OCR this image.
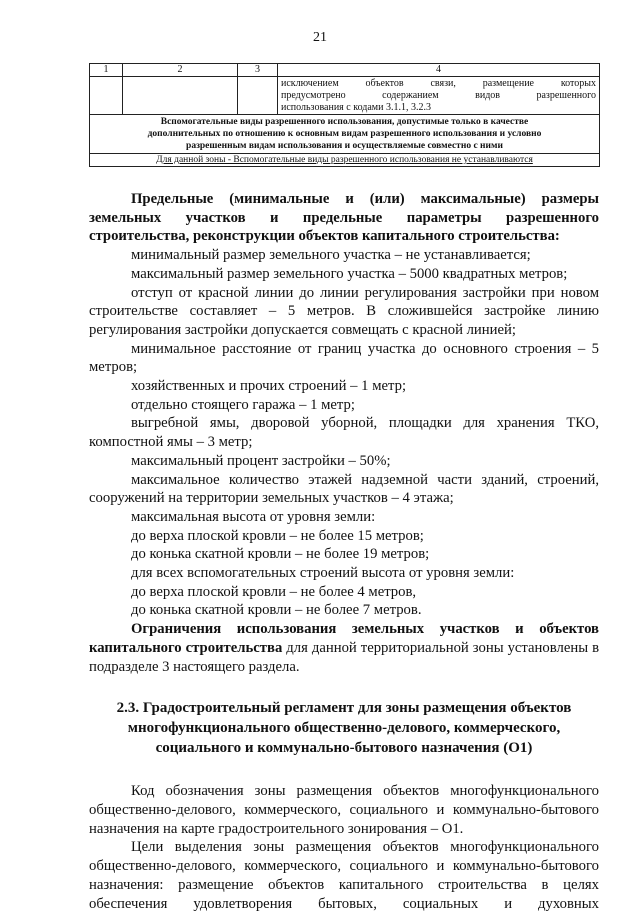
21
1	2	3	4

			исключением объектов связи, размещение которых
предусмотрено содержанием видов разрешенного
использования с кодами 3.1.1, 3.2.3

Вспомогательные виды разрешенного использования, допустимые только в качестве
дополнительных по отношению к основным видам разрешенного использования и условно
разрешенным видам использования и осуществляемые совместно с ними			

Для данной зоны - Вспомогательные виды разрешенного использования не устанавливаются			

Предельные (минимальные и (или) максимальные) размеры земельных участков и предельные параметры разрешенного строительства, реконструкции объектов капитального строительства:

минимальный размер земельного участка – не устанавливается;

максимальный размер земельного участка – 5000 квадратных метров;

отступ от красной линии до линии регулирования застройки при новом строительстве составляет – 5 метров. В сложившейся застройке линию регулирования застройки допускается совмещать с красной линией;

минимальное расстояние от границ участка до основного строения – 5 метров;

хозяйственных и прочих строений – 1 метр;

отдельно стоящего гаража – 1 метр;

выгребной ямы, дворовой уборной, площадки для хранения ТКО, компостной ямы – 3 метр;

максимальный процент застройки – 50%;

максимальное количество этажей надземной части зданий, строений, сооружений на территории земельных участков – 4 этажа;

максимальная высота от уровня земли:

до верха плоской кровли – не более 15 метров;

до конька скатной кровли – не более 19 метров;

для всех вспомогательных строений высота от уровня земли:

до верха плоской кровли – не более 4 метров,

до конька скатной кровли – не более 7 метров.

Ограничения использования земельных участков и объектов капитального строительства для данной территориальной зоны установлены в подразделе 3 настоящего раздела.

2.3. Градостроительный регламент для зоны размещения объектов
многофункционального общественно-делового, коммерческого,
социального и коммунально-бытового назначения (О1)

Код обозначения зоны размещения объектов многофункционального общественно-делового, коммерческого, социального и коммунально-бытового назначения на карте градостроительного зонирования – О1.

Цели выделения зоны размещения объектов многофункционального общественно-делового, коммерческого, социального и коммунально-бытового назначения: размещение объектов капитального строительства в целях обеспечения удовлетворения бытовых, социальных и духовных
